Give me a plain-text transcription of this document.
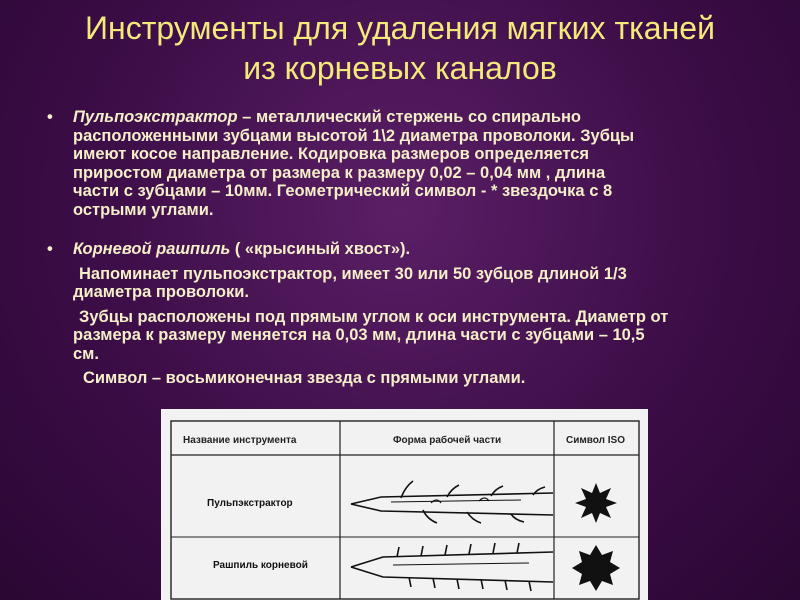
Инструменты для удаления мягких тканей
из корневых каналов
• Пульпоэкстрактор – металлический стержень со спирально
расположенными зубцами высотой 1\2 диаметра проволоки. Зубцы
имеют косое направление. Кодировка размеров определяется
приростом диаметра от размера к размеру 0,02 – 0,04 мм , длина
части с зубцами – 10мм. Геометрический символ - * звездочка с 8
острыми углами.
• Корневой рашпиль ( «крысиный хвост»).
Напоминает пульпоэкстрактор, имеет 30 или 50 зубцов длиной 1/3
диаметра проволоки.
Зубцы расположены под прямым углом к оси инструмента. Диаметр от
размера к размеру меняется на 0,03 мм, длина части с зубцами – 10,5
см.
Символ – восьмиконечная звезда с прямыми углами.
Название инструмента	Форма рабочей части	Символ ISO
Пульпэкстрактор
Рашпиль корневой
